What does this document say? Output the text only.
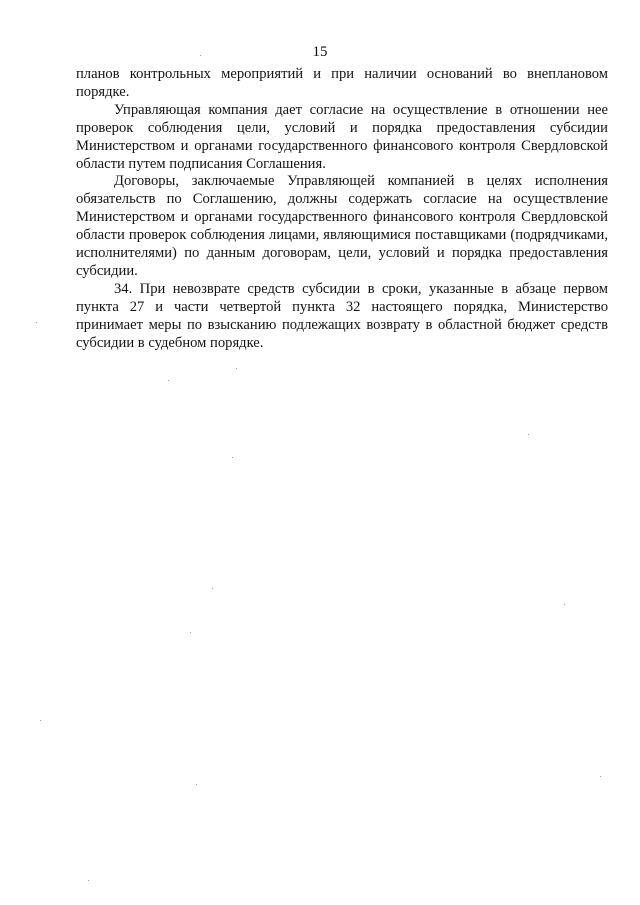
15

планов контрольных мероприятий и при наличии оснований во внеплановом порядке.

Управляющая компания дает согласие на осуществление в отношении нее проверок соблюдения цели, условий и порядка предоставления субсидии Министерством и органами государственного финансового контроля Свердловской области путем подписания Соглашения.

Договоры, заключаемые Управляющей компанией в целях исполнения обязательств по Соглашению, должны содержать согласие на осуществление Министерством и органами государственного финансового контроля Свердловской области проверок соблюдения лицами, являющимися поставщиками (подрядчиками, исполнителями) по данным договорам, цели, условий и порядка предоставления субсидии.

34. При невозврате средств субсидии в сроки, указанные в абзаце первом пункта 27 и части четвертой пункта 32 настоящего порядка, Министерство принимает меры по взысканию подлежащих возврату в областной бюджет средств субсидии в судебном порядке.
